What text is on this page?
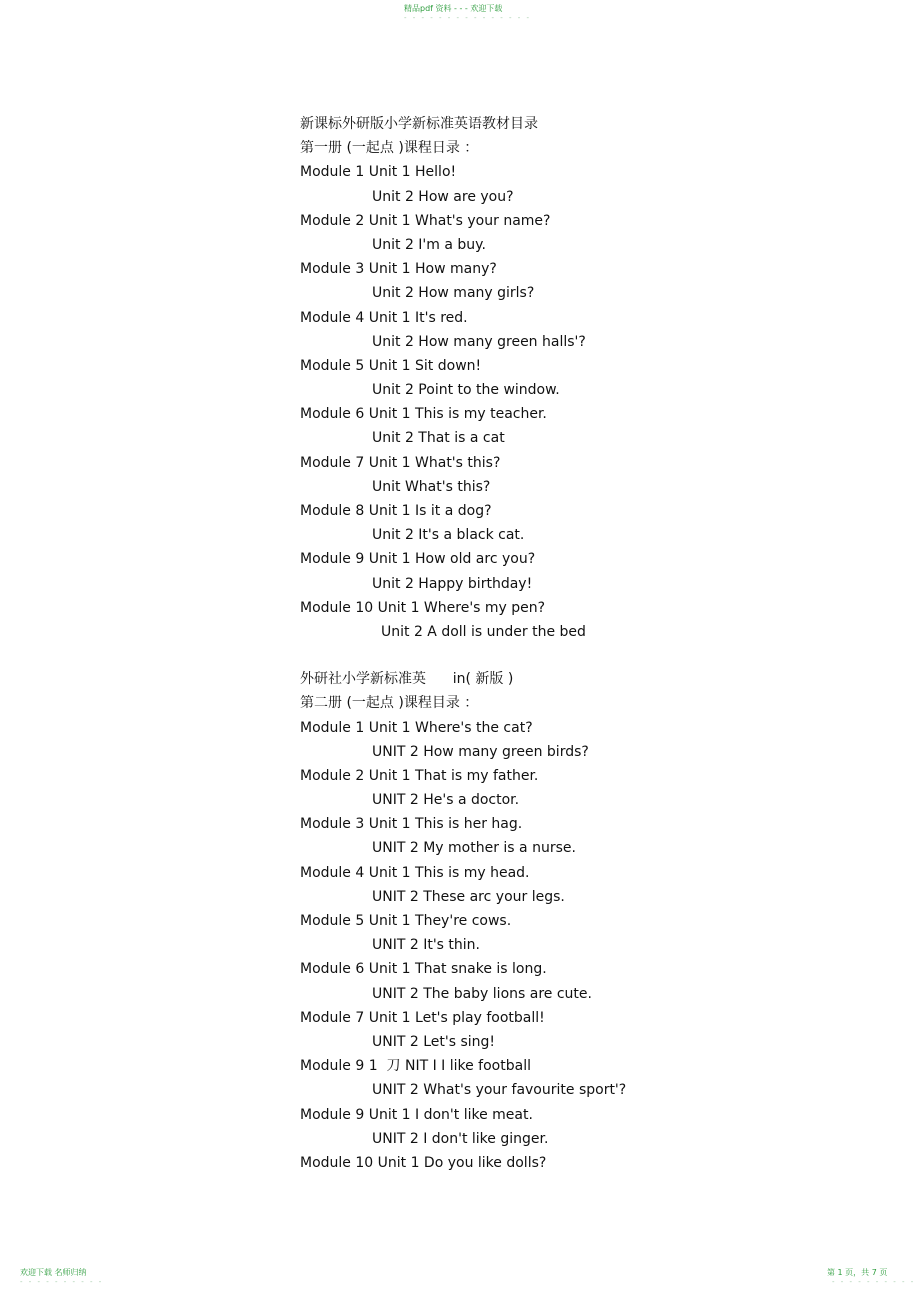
精品pdf 资料 - - - 欢迎下载
- - - - - - - - - - - - - - -
新课标外研版小学新标准英语教材目录
第一册 (一起点 )课程日录 ：
Module 1 Unit 1 Hello!
Unit 2 How are you?
Module 2 Unit 1 What's your name?
Unit 2 I'm a buy.
Module 3 Unit 1 How many?
Unit 2 How many girls?
Module 4 Unit 1 It's red.
Unit 2 How many green halls'?
Module 5 Unit 1 Sit down!
Unit 2 Point to the window.
Module 6 Unit 1 This is my teacher.
Unit 2 That is a cat
Module 7 Unit 1 What's this?
Unit What's this?
Module 8 Unit 1 Is it a dog?
Unit 2 It's a black cat.
Module 9 Unit 1 How old arc you?
Unit 2 Happy birthday!
Module 10 Unit 1 Where's my pen?
Unit 2 A doll is under the bed
外研社小学新标准英      in( 新版 )
第二册 (一起点 )课程目录 ：
Module 1 Unit 1 Where's the cat?
UNIT 2 How many green birds?
Module 2 Unit 1 That is my father.
UNIT 2 He's a doctor.
Module 3 Unit 1 This is her hag.
UNIT 2 My mother is a nurse.
Module 4 Unit 1 This is my head.
UNIT 2 These arc your legs.
Module 5 Unit 1 They're cows.
UNIT 2 It's thin.
Module 6 Unit 1 That snake is long.
UNIT 2 The baby lions are cute.
Module 7 Unit 1 Let's play football!
UNIT 2 Let's sing!
Module 9 1  刀 NIT I I like football
UNIT 2 What's your favourite sport'?
Module 9 Unit 1 I don't like meat.
UNIT 2 I don't like ginger.
Module 10 Unit 1 Do you like dolls?
欢迎下载 名师归纳
- - - - - - - - - -
第 1 页，共 7 页
- - - - - - - - - -
